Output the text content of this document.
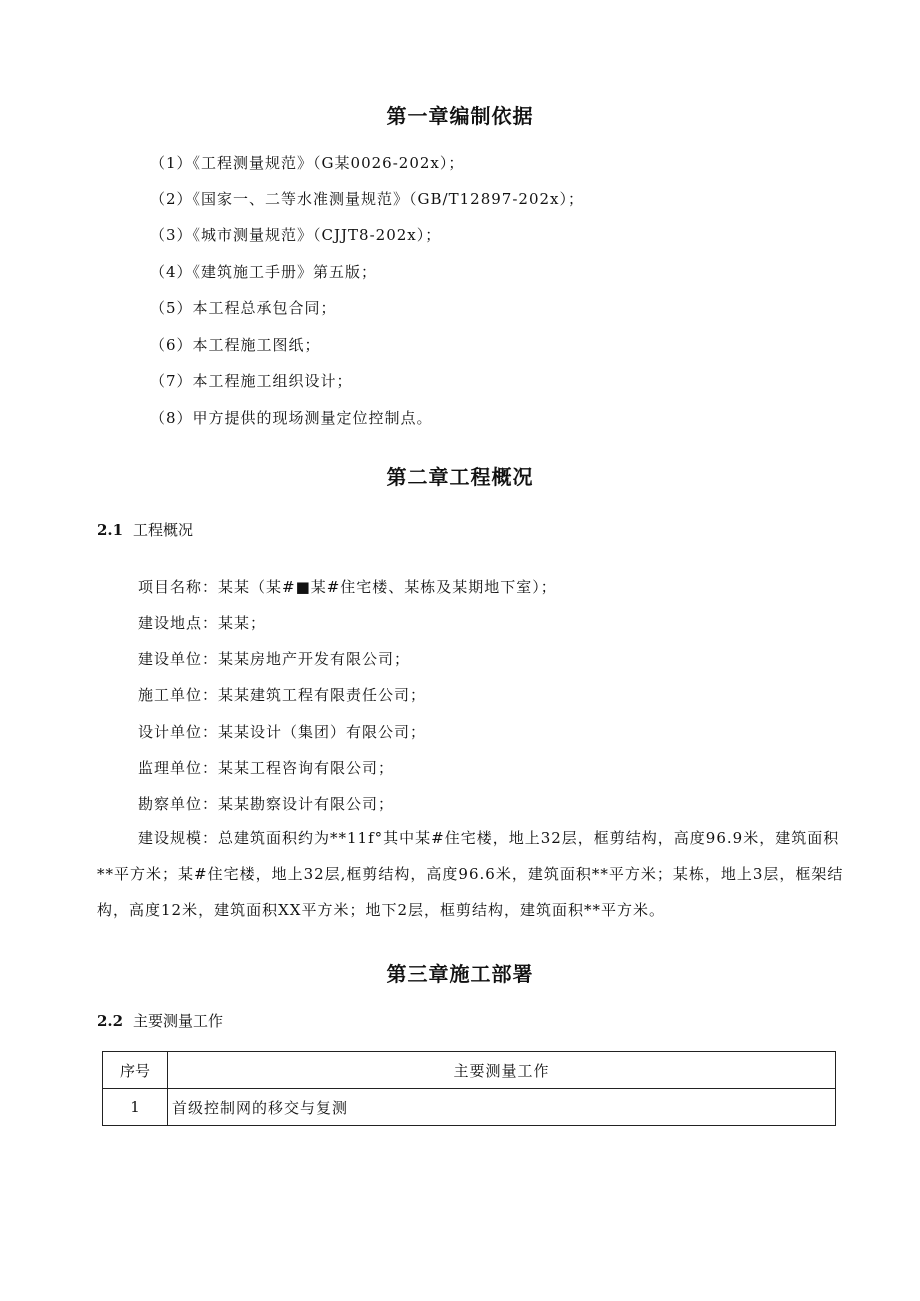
第一章编制依据

（1）《工程测量规范》（G某0026-202x）；

（2）《国家一、二等水准测量规范》（GB/T12897-202x）；

（3）《城市测量规范》（CJJT8-202x）；

（4）《建筑施工手册》第五版；

（5）本工程总承包合同；

（6）本工程施工图纸；

（7）本工程施工组织设计；

（8）甲方提供的现场测量定位控制点。

第二章工程概况

2.1 工程概况

项目名称：某某（某#■某#住宅楼、某栋及某期地下室）；

建设地点：某某；

建设单位：某某房地产开发有限公司；

施工单位：某某建筑工程有限责任公司；

设计单位：某某设计（集团）有限公司；

监理单位：某某工程咨询有限公司；

勘察单位：某某勘察设计有限公司；

建设规模：总建筑面积约为**11f°其中某#住宅楼，地上32层，框剪结构，高度96.9米，建筑面积**平方米；某#住宅楼，地上32层,框剪结构，高度96.6米，建筑面积**平方米；某栋，地上3层，框架结构，高度12米，建筑面积XX平方米；地下2层，框剪结构，建筑面积**平方米。

第三章施工部署

2.2 主要测量工作

序号	主要测量工作
1	首级控制网的移交与复测
